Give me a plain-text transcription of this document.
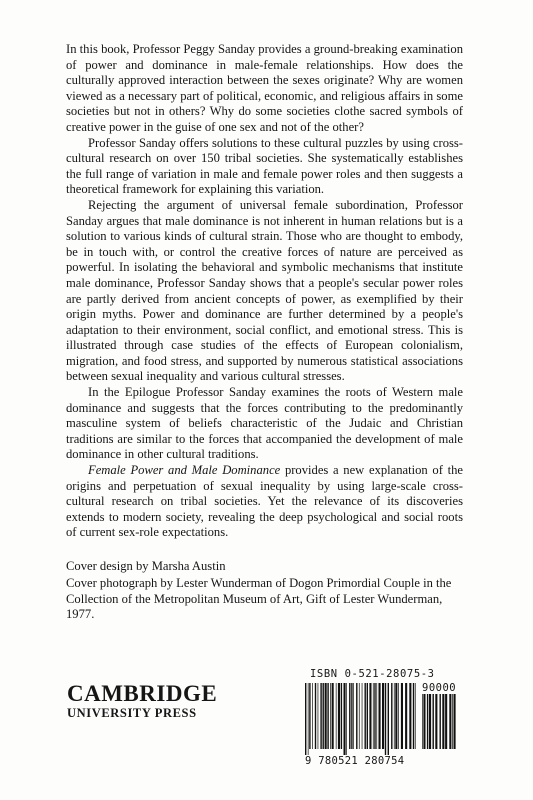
In this book, Professor Peggy Sanday provides a ground-breaking examination of power and dominance in male-female relationships. How does the culturally approved interaction between the sexes originate? Why are women viewed as a necessary part of political, economic, and religious affairs in some societies but not in others? Why do some societies clothe sacred symbols of creative power in the guise of one sex and not of the other?

Professor Sanday offers solutions to these cultural puzzles by using cross-cultural research on over 150 tribal societies. She systematically establishes the full range of variation in male and female power roles and then suggests a theoretical framework for explaining this variation.

Rejecting the argument of universal female subordination, Professor Sanday argues that male dominance is not inherent in human relations but is a solution to various kinds of cultural strain. Those who are thought to embody, be in touch with, or control the creative forces of nature are perceived as powerful. In isolating the behavioral and symbolic mechanisms that institute male dominance, Professor Sanday shows that a people's secular power roles are partly derived from ancient concepts of power, as exemplified by their origin myths. Power and dominance are further determined by a people's adaptation to their environment, social conflict, and emotional stress. This is illustrated through case studies of the effects of European colonialism, migration, and food stress, and supported by numerous statistical associations between sexual inequality and various cultural stresses.

In the Epilogue Professor Sanday examines the roots of Western male dominance and suggests that the forces contributing to the predominantly masculine system of beliefs characteristic of the Judaic and Christian traditions are similar to the forces that accompanied the development of male dominance in other cultural traditions.

Female Power and Male Dominance provides a new explanation of the origins and perpetuation of sexual inequality by using large-scale cross-cultural research on tribal societies. Yet the relevance of its discoveries extends to modern society, revealing the deep psychological and social roots of current sex-role expectations.

Cover design by Marsha Austin

Cover photograph by Lester Wunderman of Dogon Primordial Couple in the Collection of the Metropolitan Museum of Art, Gift of Lester Wunderman, 1977.

CAMBRIDGE
UNIVERSITY PRESS
ISBN 0-521-28075-3
90000
9 780521 280754
